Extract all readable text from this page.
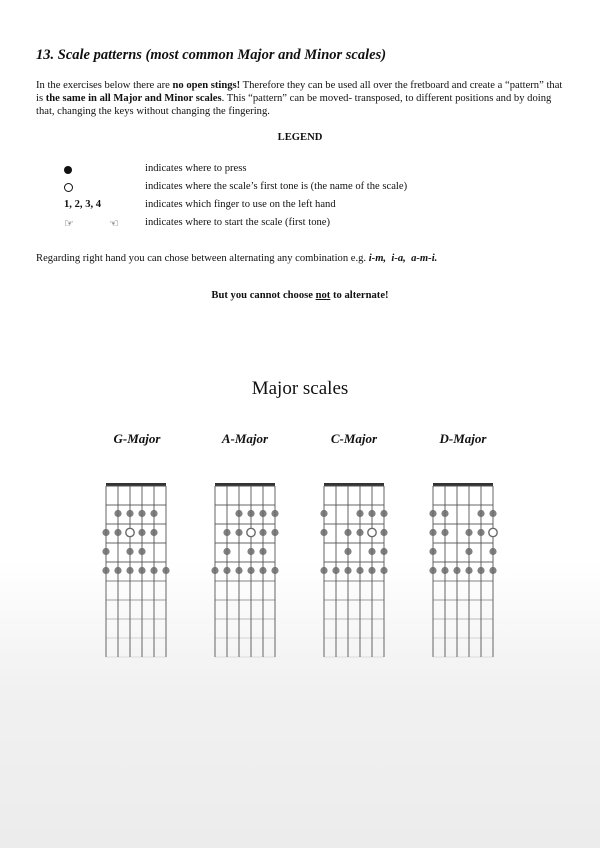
13. Scale patterns (most common Major and Minor scales)

In the exercises below there are no open stings! Therefore they can be used all over the fretboard and create a “pattern” that is the same in all Major and Minor scales. This “pattern” can be moved- transposed, to different positions and by doing that, changing the keys without changing the fingering.

LEGEND
indicates where to press
indicates where the scale’s first tone is (the name of the scale)
1, 2, 3, 4	indicates which finger to use on the left hand
☞	☜ indicates where to start the scale (first tone)
Regarding right hand you can chose between alternating any combination e.g. i-m, i-a, a-m-i.
But you cannot choose not to alternate!
Major scales
G-Major	A-Major	C-Major	D-Major
